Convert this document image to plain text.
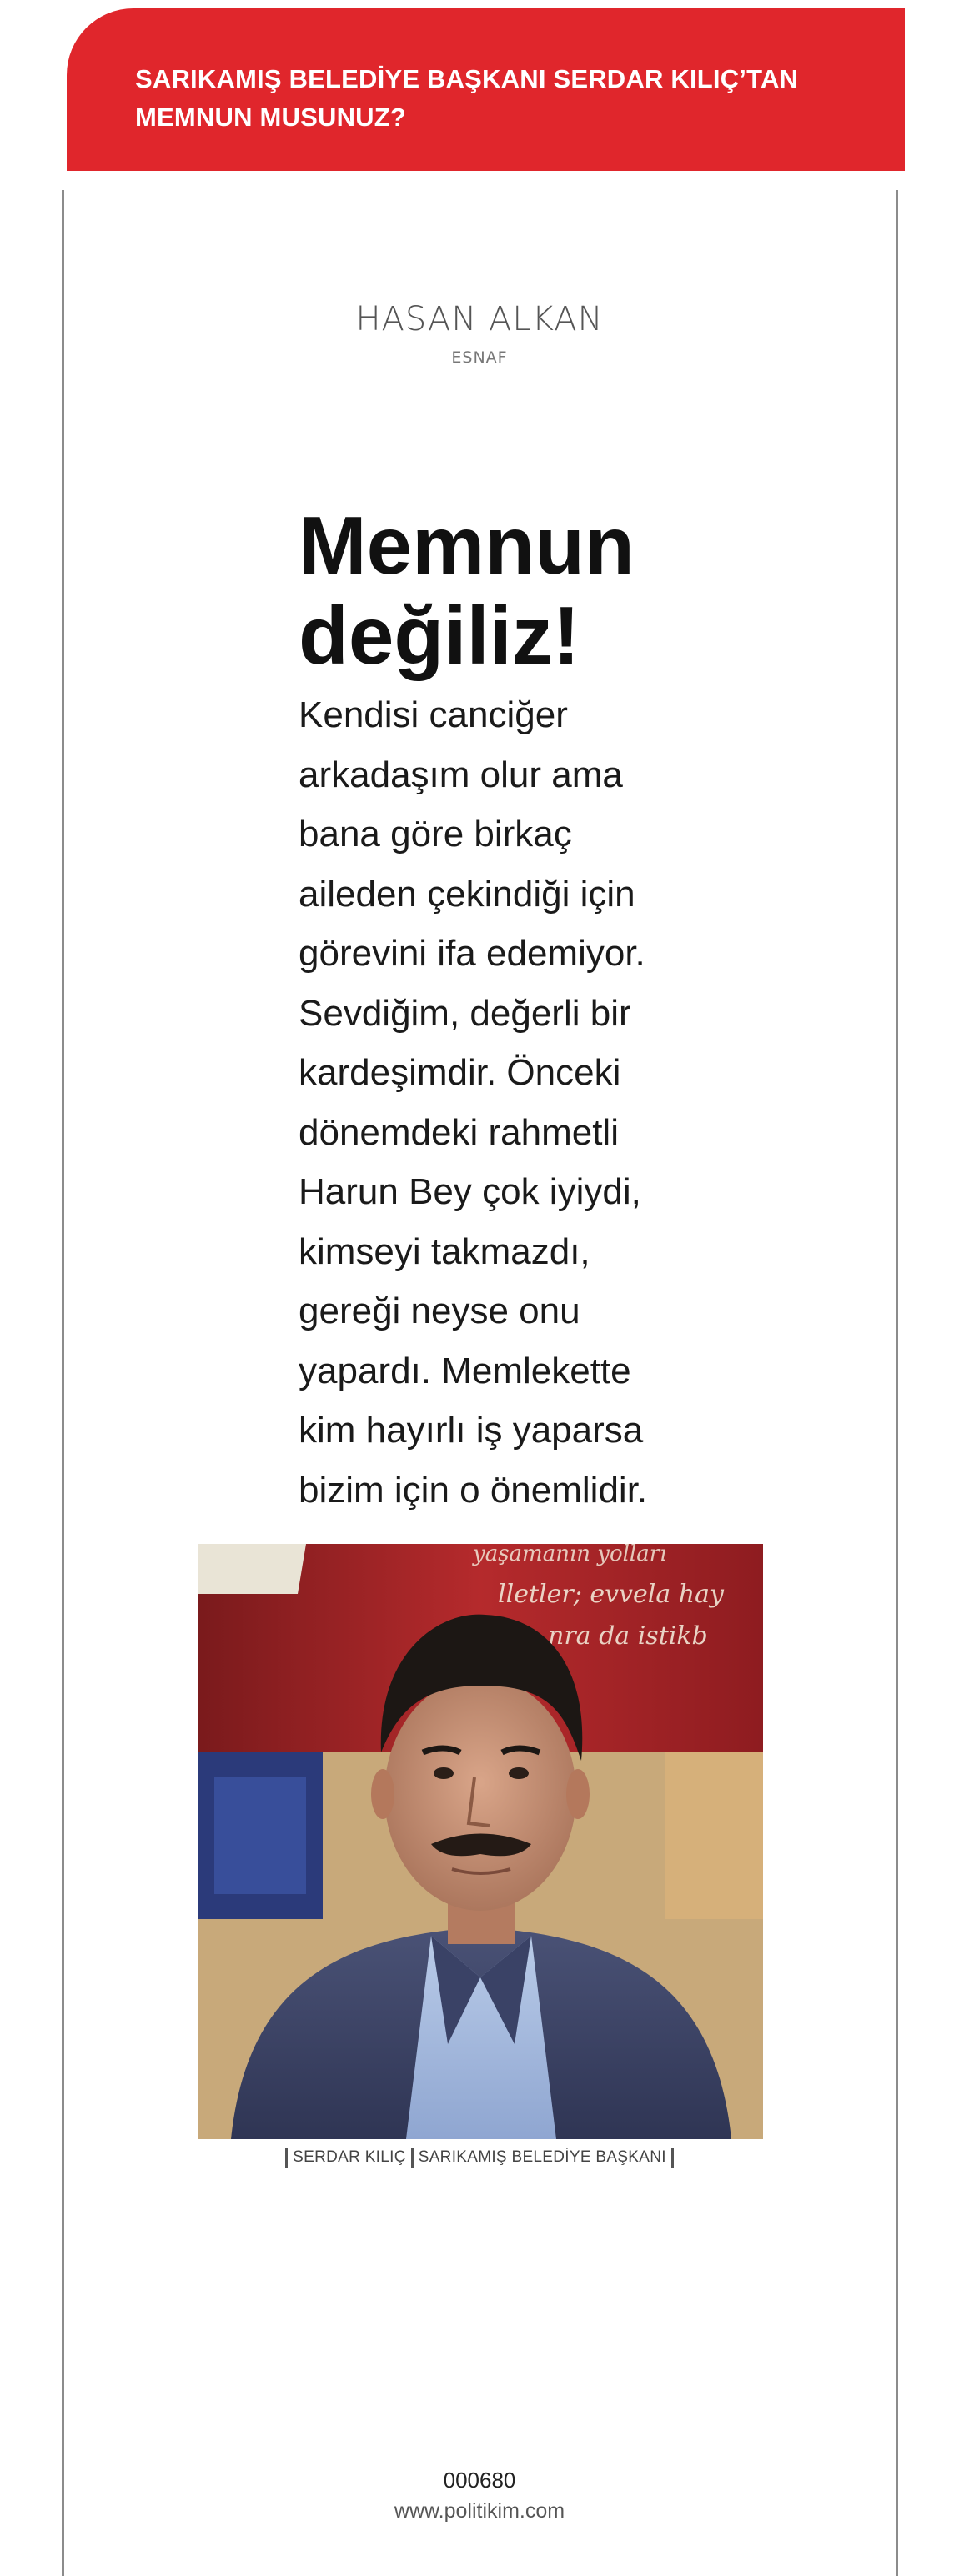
SARIKAMIŞ BELEDİYE BAŞKANI SERDAR KILIÇ’TAN
MEMNUN MUSUNUZ?
HASAN ALKAN
ESNAF
Memnun
değiliz!
Kendisi canciğer
arkadaşım olur ama
bana göre birkaç
aileden çekindiği için
görevini ifa edemiyor.
Sevdiğim, değerli bir
kardeşimdir. Önceki
dönemdeki rahmetli
Harun Bey çok iyiydi,
kimseyi takmazdı,
gereği neyse onu
yapardı. Memlekette
kim hayırlı iş yaparsa
bizim için o önemlidir.
yaşamanın yolları
lletler; evvela hay
nra da istikb
SERDAR KILIÇ SARIKAMIŞ BELEDİYE BAŞKANI
000680
www.politikim.com
